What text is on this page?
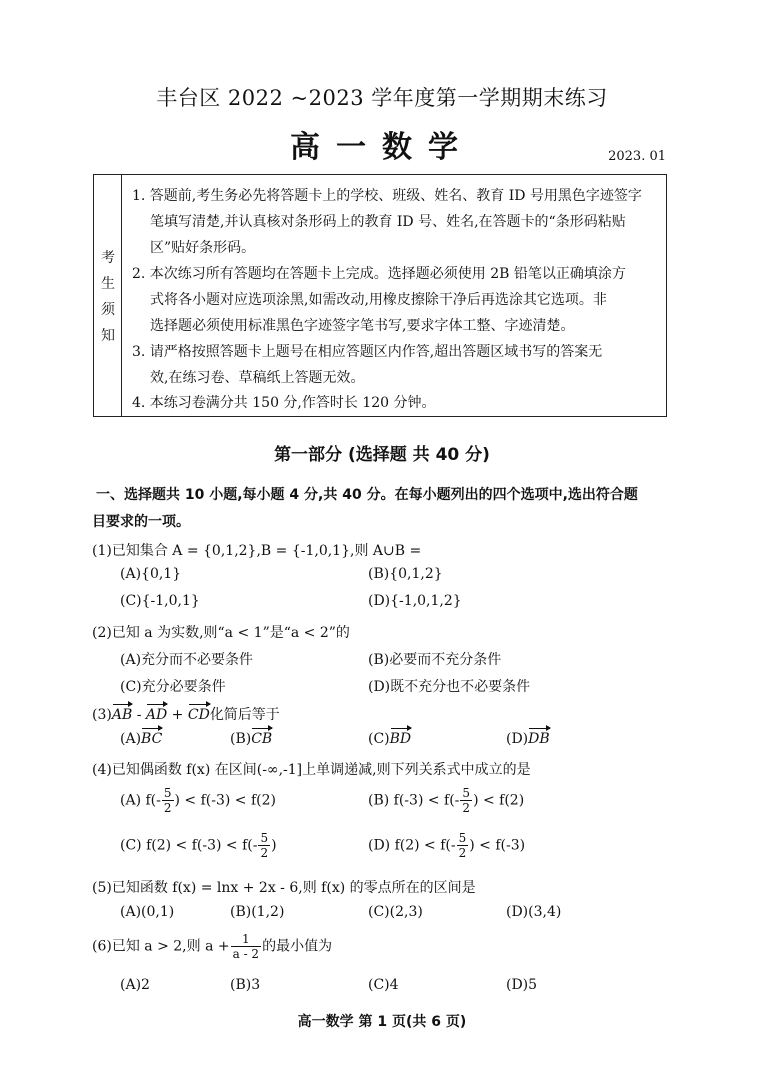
丰台区 2022 ~2023 学年度第一学期期末练习
高一数学	2023. 01
考
生
须
知
1. 答题前,考生务必先将答题卡上的学校、班级、姓名、教育 ID 号用黑色字迹签字
笔填写清楚,并认真核对条形码上的教育 ID 号、姓名,在答题卡的“条形码粘贴
区”贴好条形码。
2. 本次练习所有答题均在答题卡上完成。选择题必须使用 2B 铅笔以正确填涂方
式将各小题对应选项涂黑,如需改动,用橡皮擦除干净后再选涂其它选项。非
选择题必须使用标准黑色字迹签字笔书写,要求字体工整、字迹清楚。
3. 请严格按照答题卡上题号在相应答题区内作答,超出答题区域书写的答案无
效,在练习卷、草稿纸上答题无效。
4. 本练习卷满分共 150 分,作答时长 120 分钟。
第一部分 (选择题 共 40 分)
一、选择题共 10 小题,每小题 4 分,共 40 分。在每小题列出的四个选项中,选出符合题
目要求的一项。
(1)已知集合 A = {0,1,2},B = {-1,0,1},则 A∪B =
(A){0,1}	(B){0,1,2}
(C){-1,0,1}	(D){-1,0,1,2}
(2)已知 a 为实数,则“a < 1”是“a < 2”的
(A)充分而不必要条件	(B)必要而不充分条件
(C)充分必要条件	(D)既不充分也不必要条件
(3)AB - AD + CD化简后等于
(A)BC	(B)CB	(C)BD	(D)DB
(4)已知偶函数 f(x) 在区间(-∞,-1]上单调递减,则下列关系式中成立的是
(A) $f(- \frac{5}{2}$ ) < f(-3) < f(2)	(B) $f(-3) < f(- \frac{5}{2}$ ) < f(2)
(C) $f(2) < f(-3) < f(- \frac{5}{2}$ )	(D) $f(2) < f(- \frac{5}{2}$ ) < f(-3)
(5)已知函数 f(x) = lnx + 2x - 6,则 f(x) 的零点所在的区间是
(A)(0,1)	(B)(1,2)	(C)(2,3)	(D)(3,4)
(6)已知 a > 2,则 $a + \frac{1}{a - 2}$ 的最小值为
(A)2	(B)3	(C)4	(D)5
高一数学 第 1 页(共 6 页)
